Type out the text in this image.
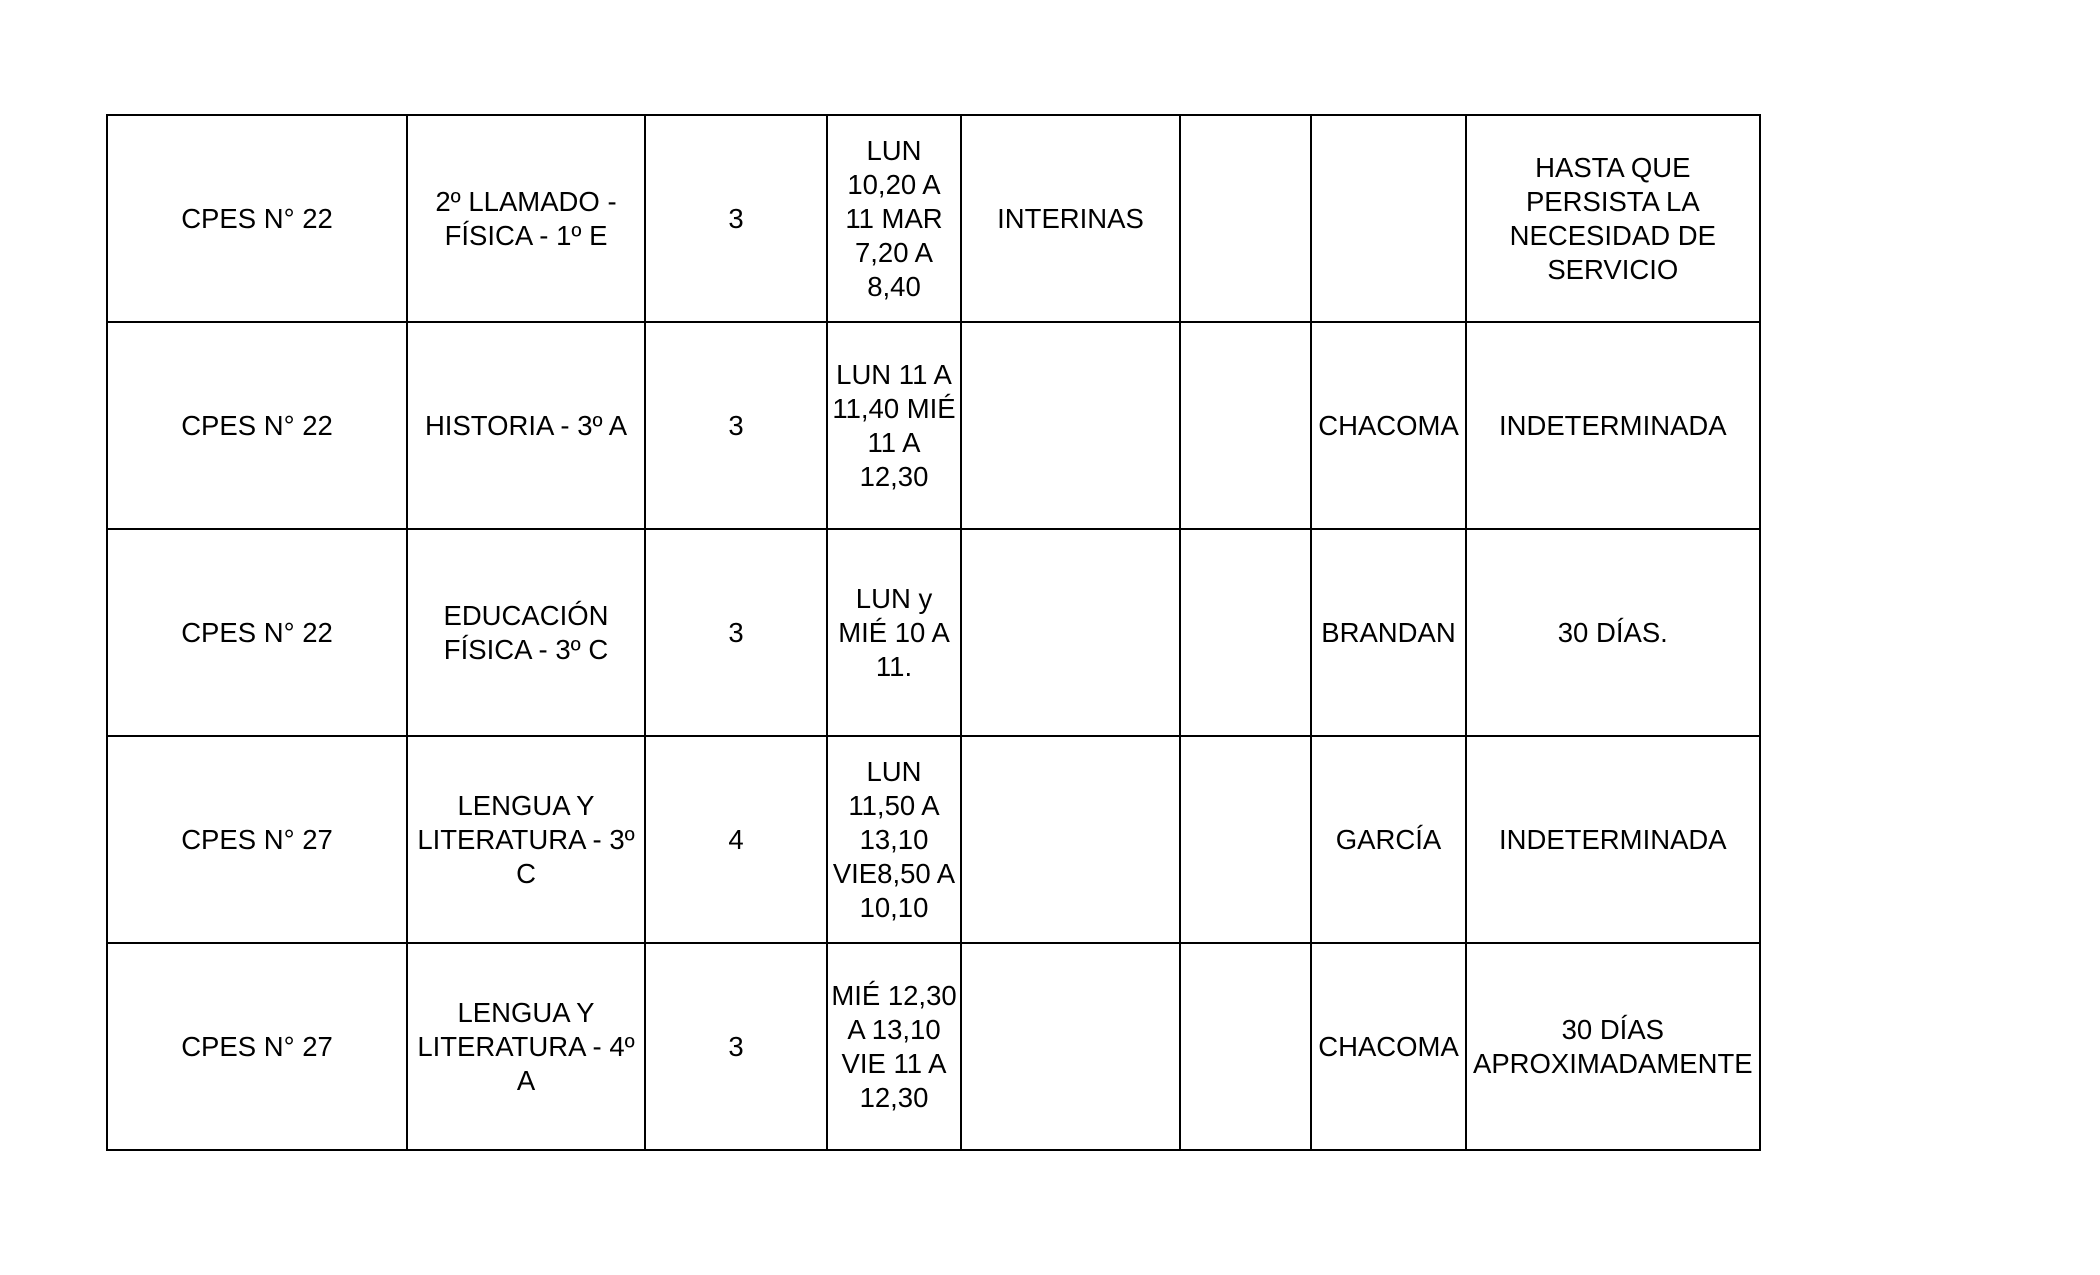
CPES N° 22	2º LLAMADO - FÍSICA - 1º E	3	LUN 10,20 A 11 MAR 7,20 A 8,40	INTERINAS			HASTA QUE PERSISTA LA NECESIDAD DE SERVICIO
CPES N° 22	HISTORIA - 3º A	3	LUN 11 A 11,40 MIÉ 11 A 12,30			CHACOMA	INDETERMINADA
CPES N° 22	EDUCACIÓN FÍSICA - 3º C	3	LUN y MIÉ 10 A 11.			BRANDAN	30 DÍAS.
CPES N° 27	LENGUA Y LITERATURA - 3º C	4	LUN 11,50 A 13,10 VIE8,50 A 10,10			GARCÍA	INDETERMINADA
CPES N° 27	LENGUA Y LITERATURA - 4º A	3	MIÉ 12,30 A 13,10 VIE 11 A 12,30			CHACOMA	30 DÍAS APROXIMADAMENTE
